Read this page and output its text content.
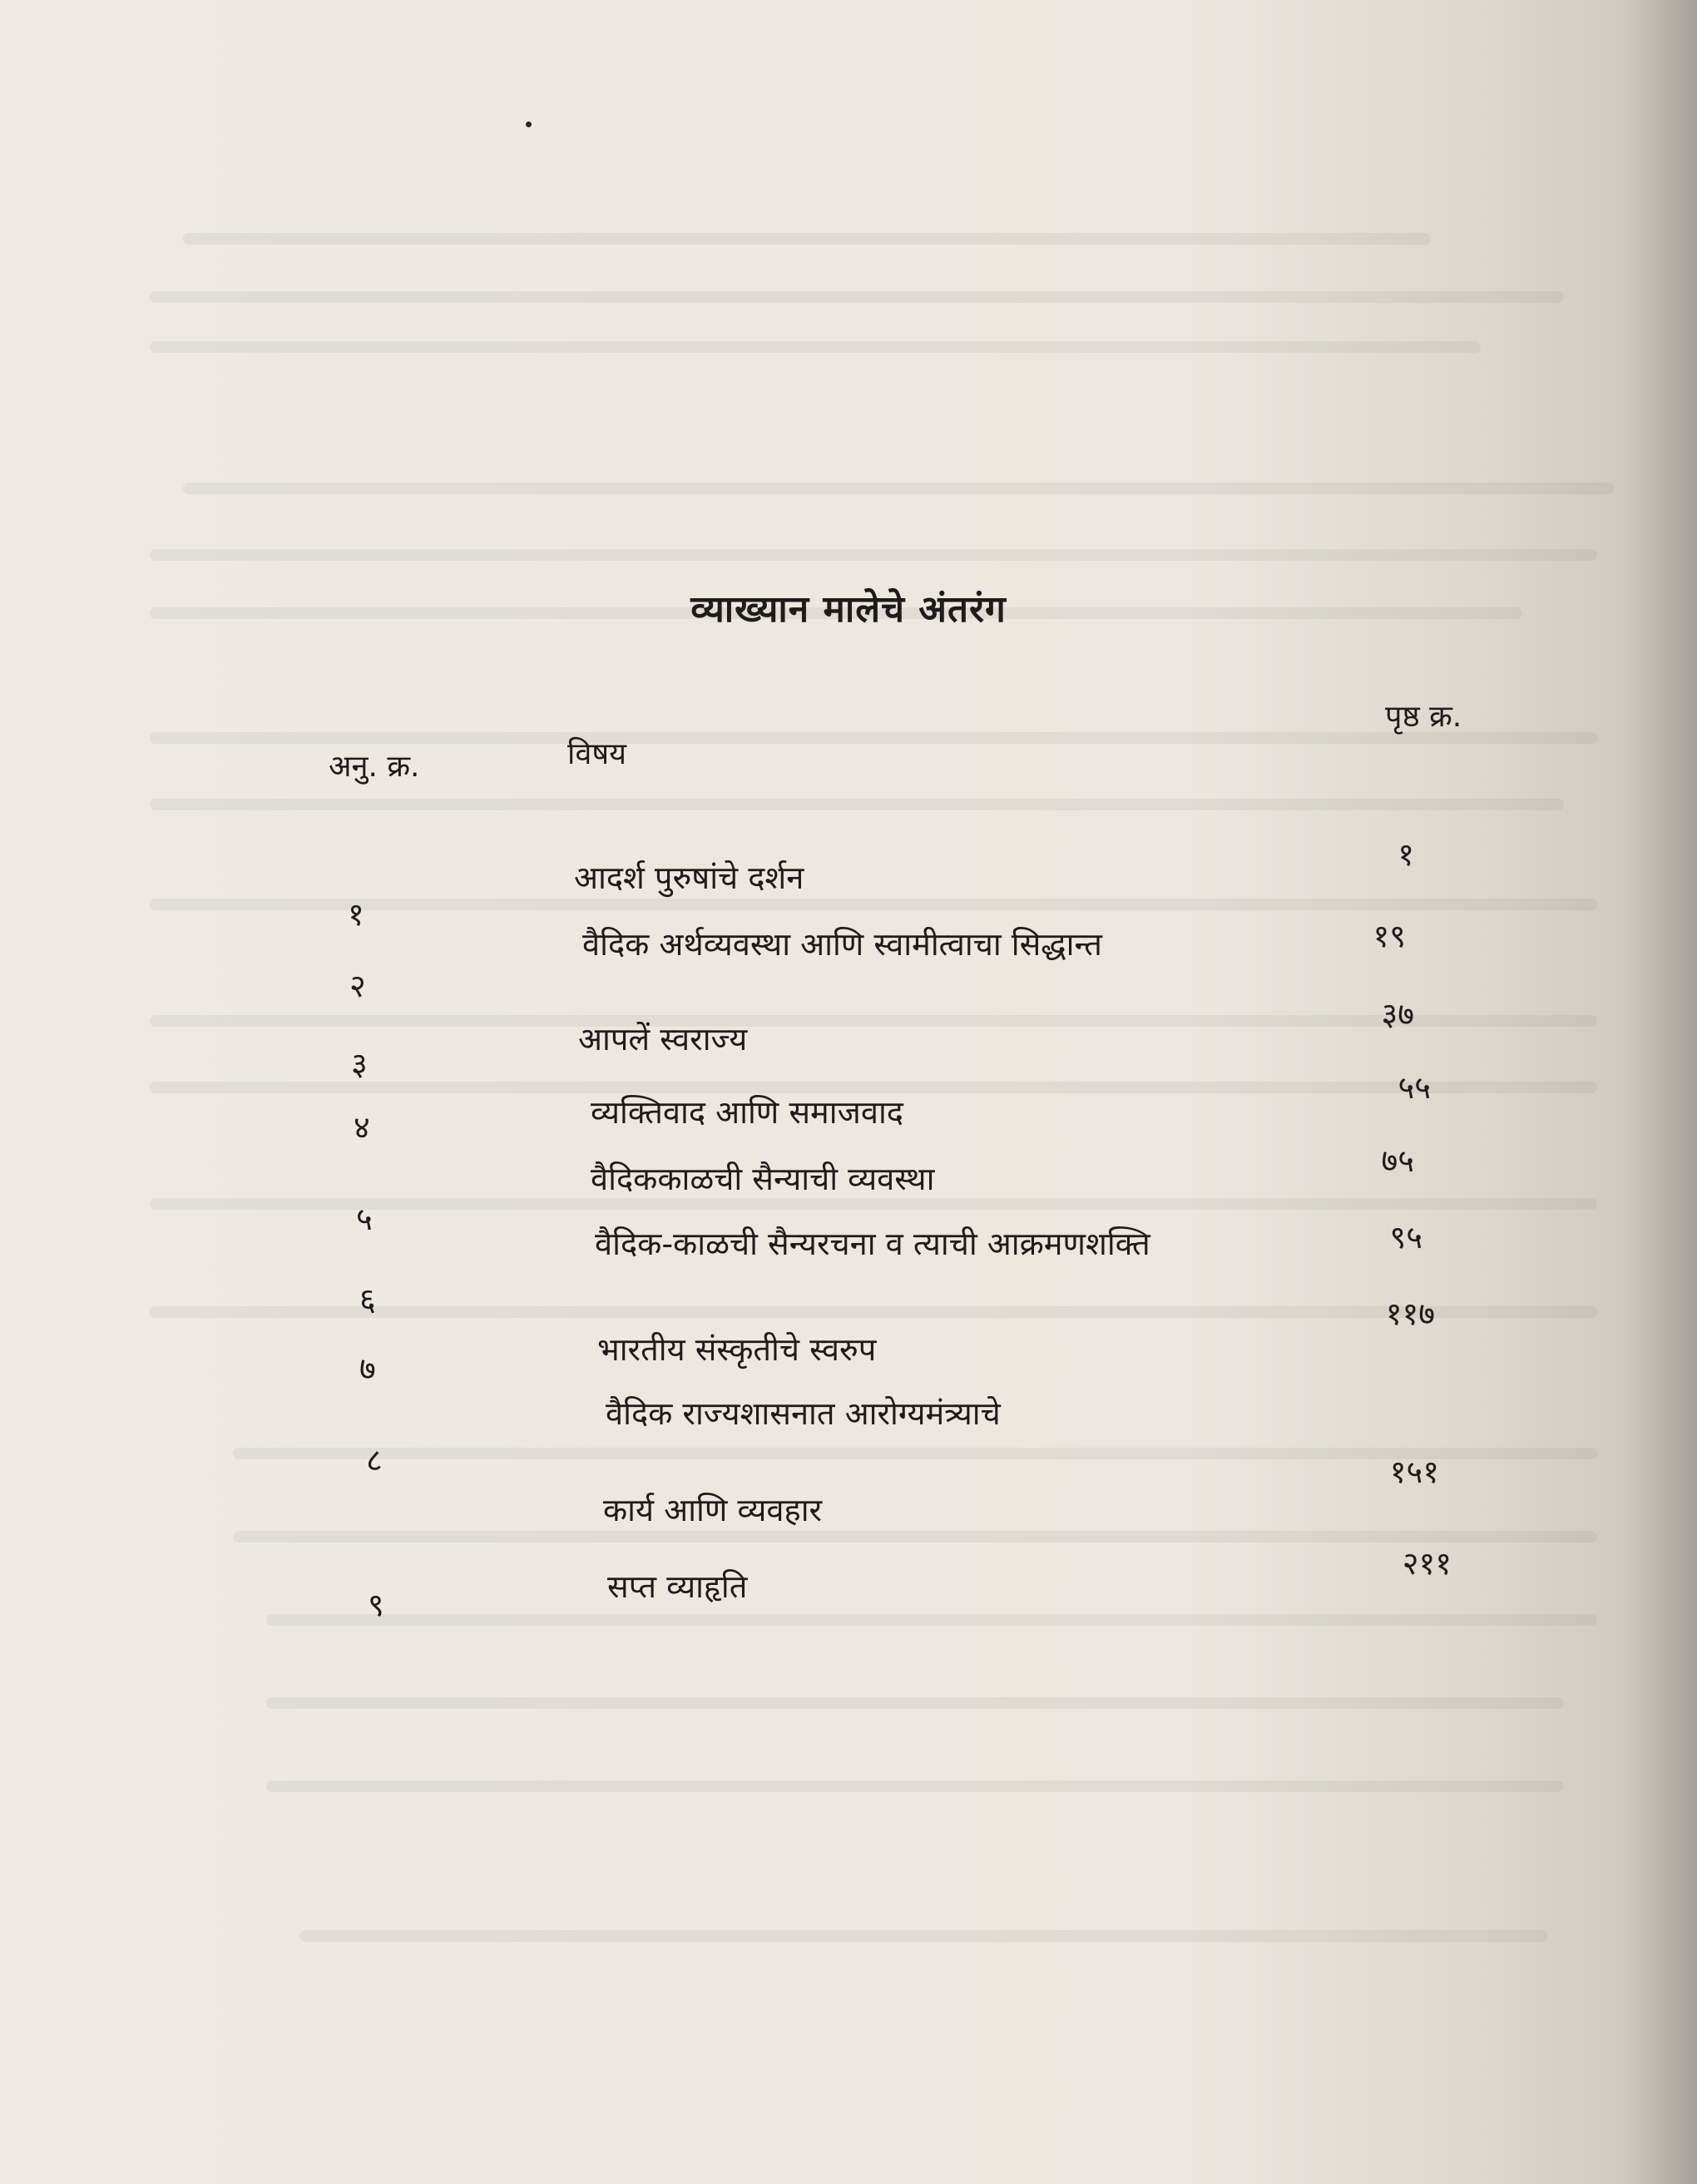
व्याख्यान मालेचे अंतरंग
पृष्ठ क्र.
अनु. क्र.	विषय
आदर्श पुरुषांचे दर्शन
१
१
वैदिक अर्थव्यवस्था आणि स्वामीत्वाचा सिद्धान्त
२
१९
आपलें स्वराज्य
३
३७
व्यक्तिवाद आणि समाजवाद
४
५५
वैदिककाळची सैन्याची व्यवस्था
५
७५
वैदिक-काळची सैन्यरचना व त्याची आक्रमणशक्ति
६
९५
भारतीय संस्कृतीचे स्वरुप
७
११७
वैदिक राज्यशासनात आरोग्यमंत्र्याचे
८	१५१
कार्य आणि व्यवहार
२११
सप्त व्याहृति
९
